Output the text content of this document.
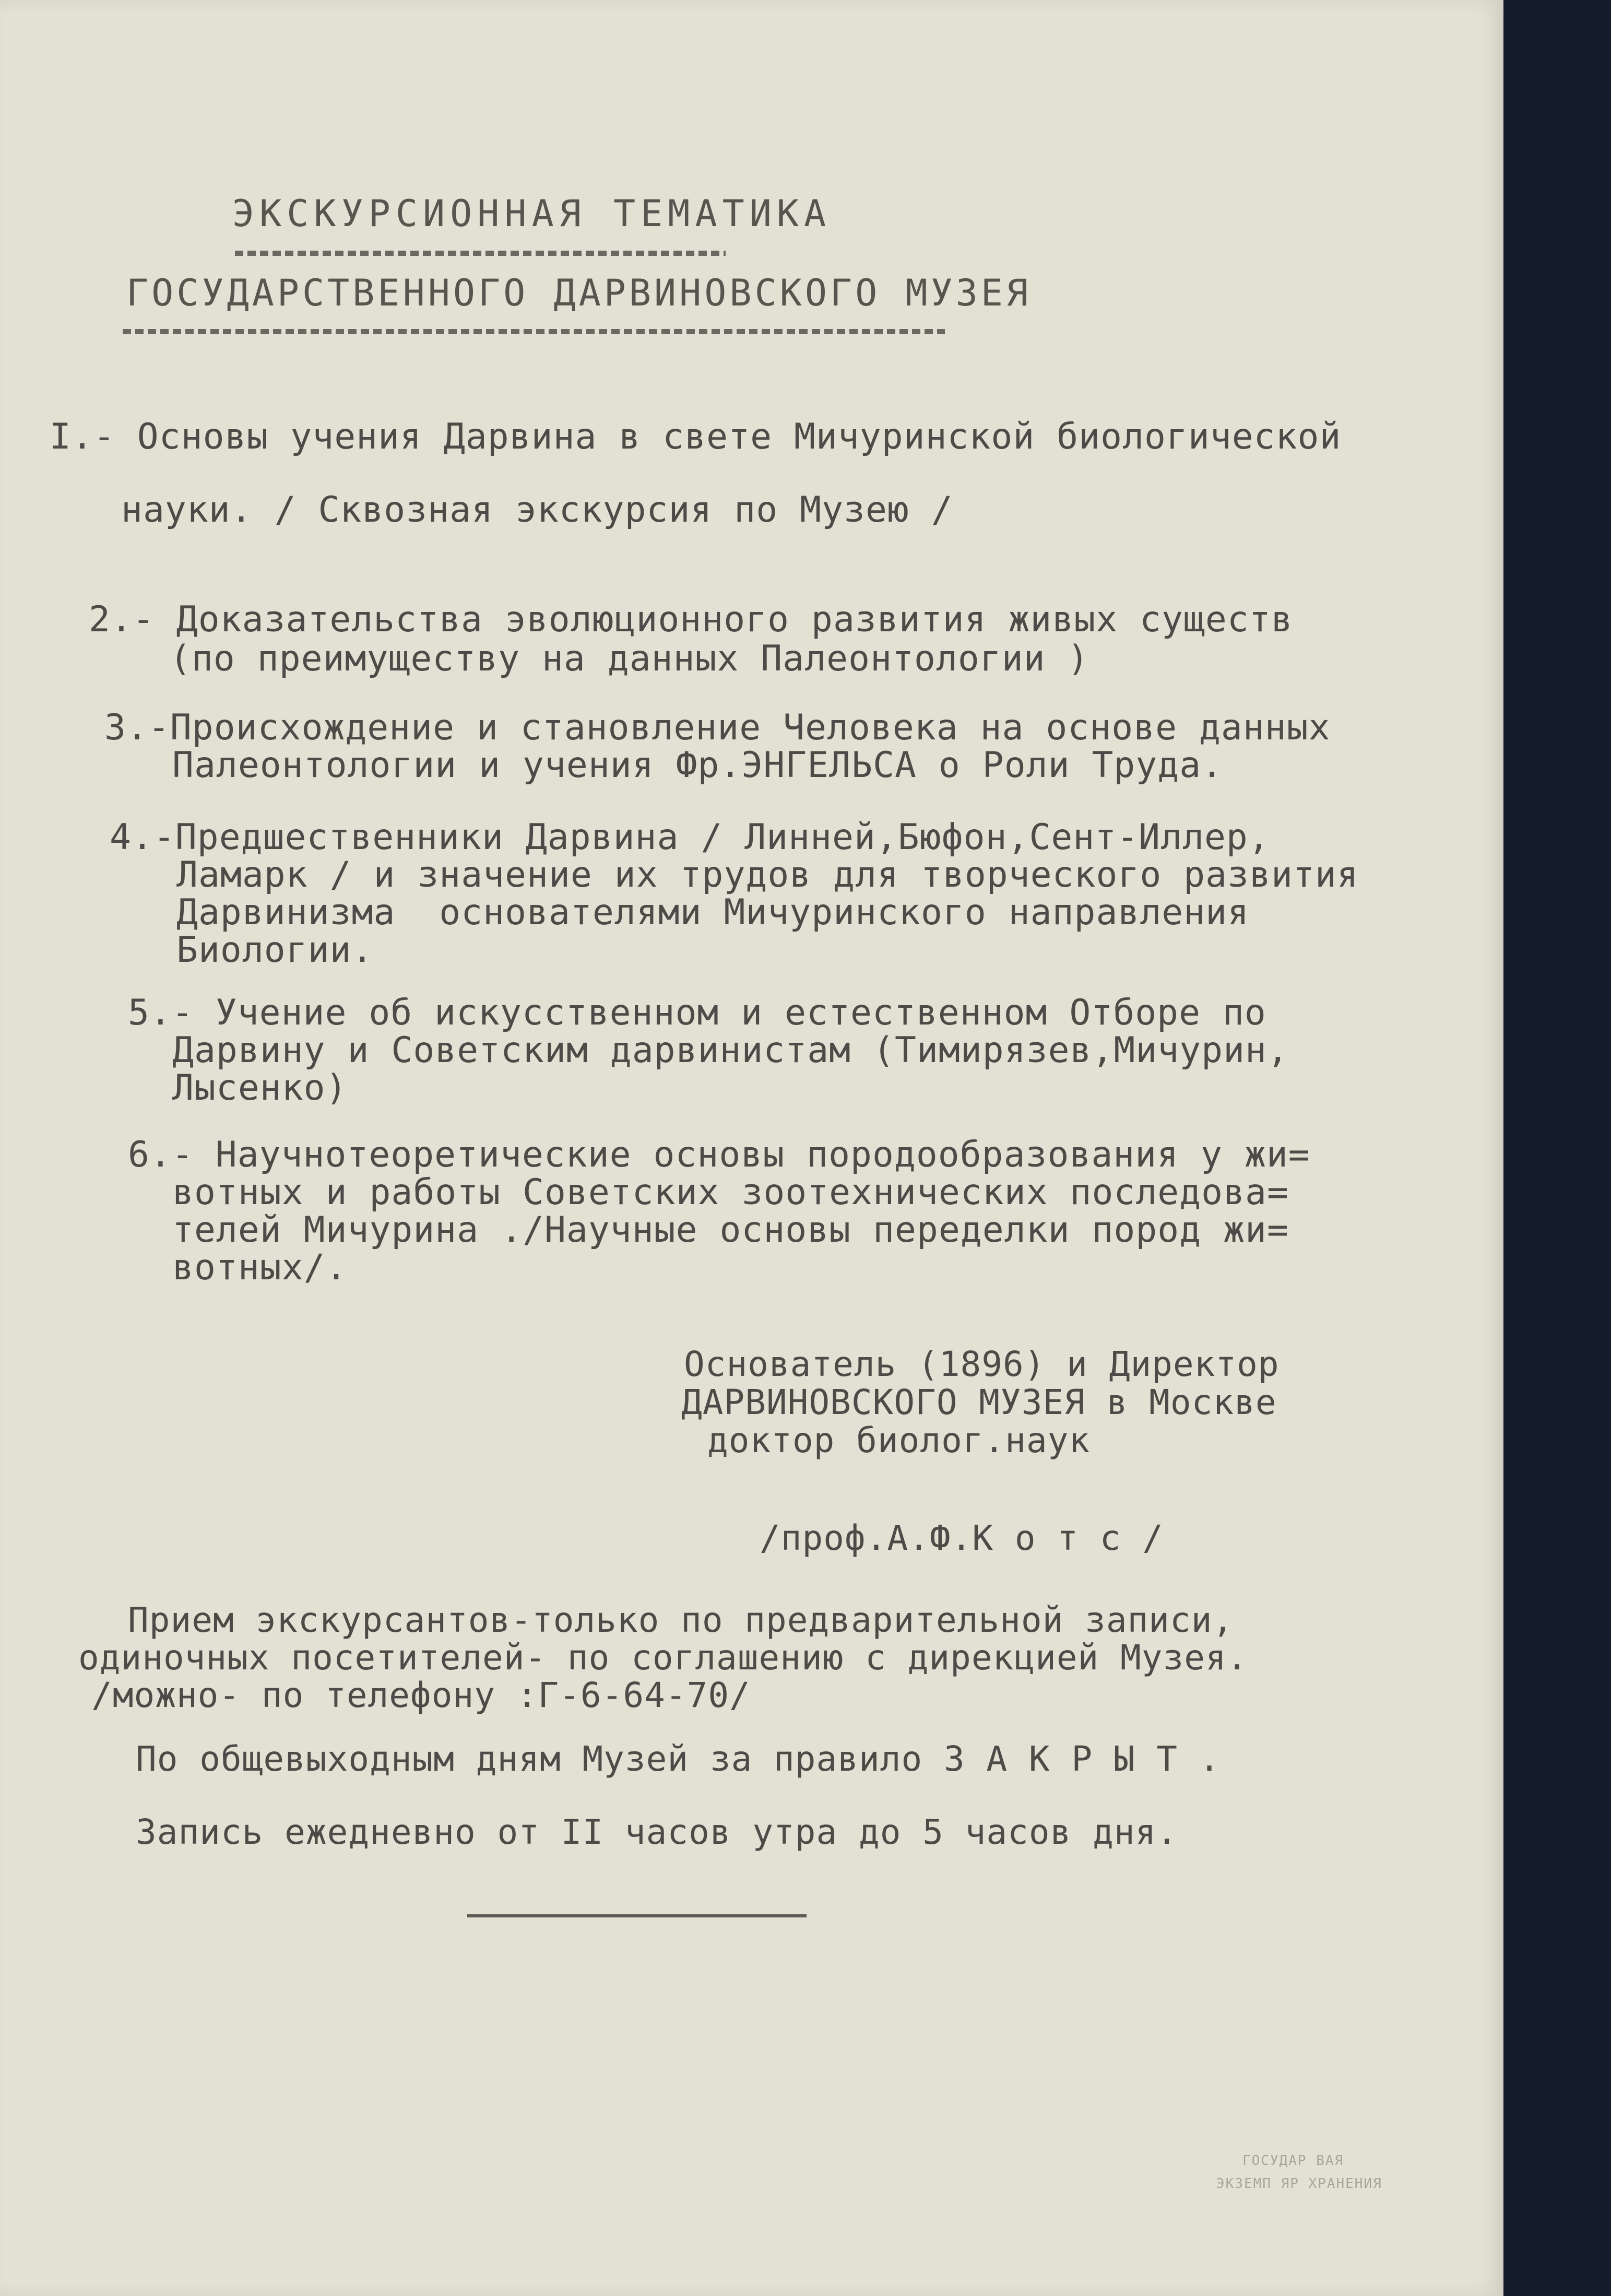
ЭКСКУРСИОННАЯ ТЕМАТИКА
ГОСУДАРСТВЕННОГО ДАРВИНОВСКОГО МУЗЕЯ
I.- Основы учения Дарвина в свете Мичуринской биологической
науки. / Сквозная экскурсия по Музею /
2.- Доказательства эволюционного развития живых существ
(по преимуществу на данных Палеонтологии )
3.-Происхождение и становление Человека на основе данных
Палеонтологии и учения Фр.ЭНГЕЛЬСА о Роли Труда.
4.-Предшественники Дарвина / Линней,Бюфон,Сент-Иллер,
Ламарк / и значение их трудов для творческого развития
Дарвинизма  основателями Мичуринского направления
Биологии.
5.- Учение об искусственном и естественном Отборе по
Дарвину и Советским дарвинистам (Тимирязев,Мичурин,
Лысенко)
6.- Научнотеоретические основы породообразования у жи=
вотных и работы Советских зоотехнических последова=
телей Мичурина ./Научные основы переделки пород жи=
вотных/.
Основатель (1896) и Директор
ДАРВИНОВСКОГО МУЗЕЯ в Москве
доктор биолог.наук
/проф.А.Ф.К о т с /
Прием экскурсантов-только по предварительной записи,
одиночных посетителей- по соглашению с дирекцией Музея.
/можно- по телефону :Г-6-64-70/
По общевыходным дням Музей за правило З А К Р Ы Т .
Запись ежедневно от II часов утра до 5 часов дня.
ГОСУДАР ВАЯ
ЭКЗЕМП ЯР ХРАНЕНИЯ
